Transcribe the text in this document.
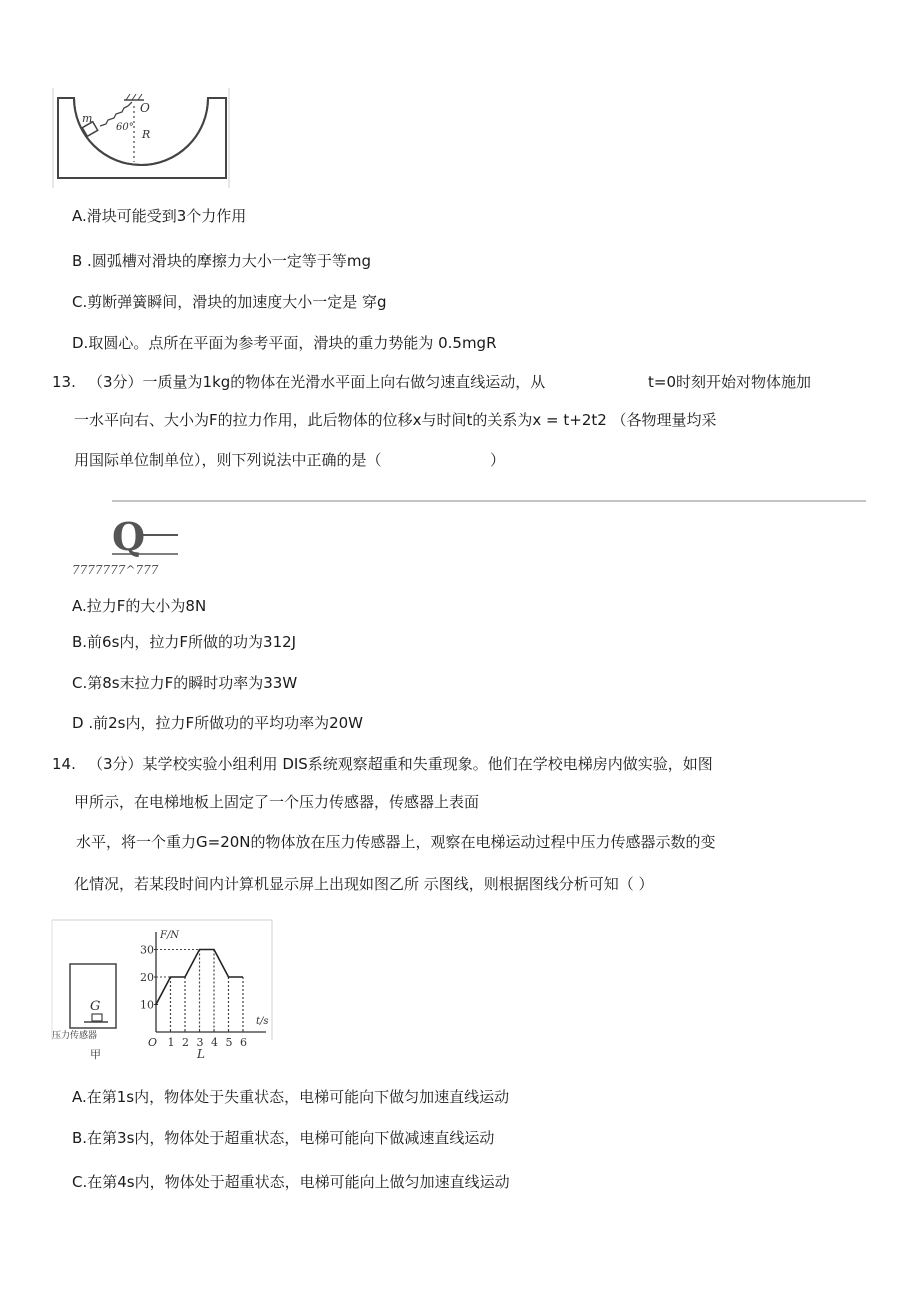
m
O
60°
R
A.滑块可能受到3个力作用
B .圆弧槽对滑块的摩擦力大小一定等于等mg
C.剪断弹簧瞬间，滑块的加速度大小一定是 穿g
D.取圆心。点所在平面为参考平面，滑块的重力势能为 0.5mgR
13. （3分）一质量为1kg的物体在光滑水平面上向右做匀速直线运动，从	t=0时刻开始对物体施加
一水平向右、大小为F的拉力作用，此后物体的位移x与时间t的关系为x = t+2t2 （各物理量均采
用国际单位制单位），则下列说法中正确的是（	）
Q
7777777^777
A.拉力F的大小为8N
B.前6s内，拉力F所做的功为312J
C.第8s末拉力F的瞬时功率为33W
D .前2s内，拉力F所做功的平均功率为20W
14. （3分）某学校实验小组利用 DIS系统观察超重和失重现象。他们在学校电梯房内做实验，如图
甲所示，在电梯地板上固定了一个压力传感器，传感器上表面
水平，将一个重力G=20N的物体放在压力传感器上，观察在电梯运动过程中压力传感器示数的变
化情况，若某段时间内计算机显示屏上出现如图乙所 示图线，则根据图线分析可知（ ）
G
压力传感器
甲	L
F/N
t/s
O
10
20
30
1 2 3 4 5 6
A.在第1s内，物体处于失重状态，电梯可能向下做匀加速直线运动
B.在第3s内，物体处于超重状态，电梯可能向下做减速直线运动
C.在第4s内，物体处于超重状态，电梯可能向上做匀加速直线运动
